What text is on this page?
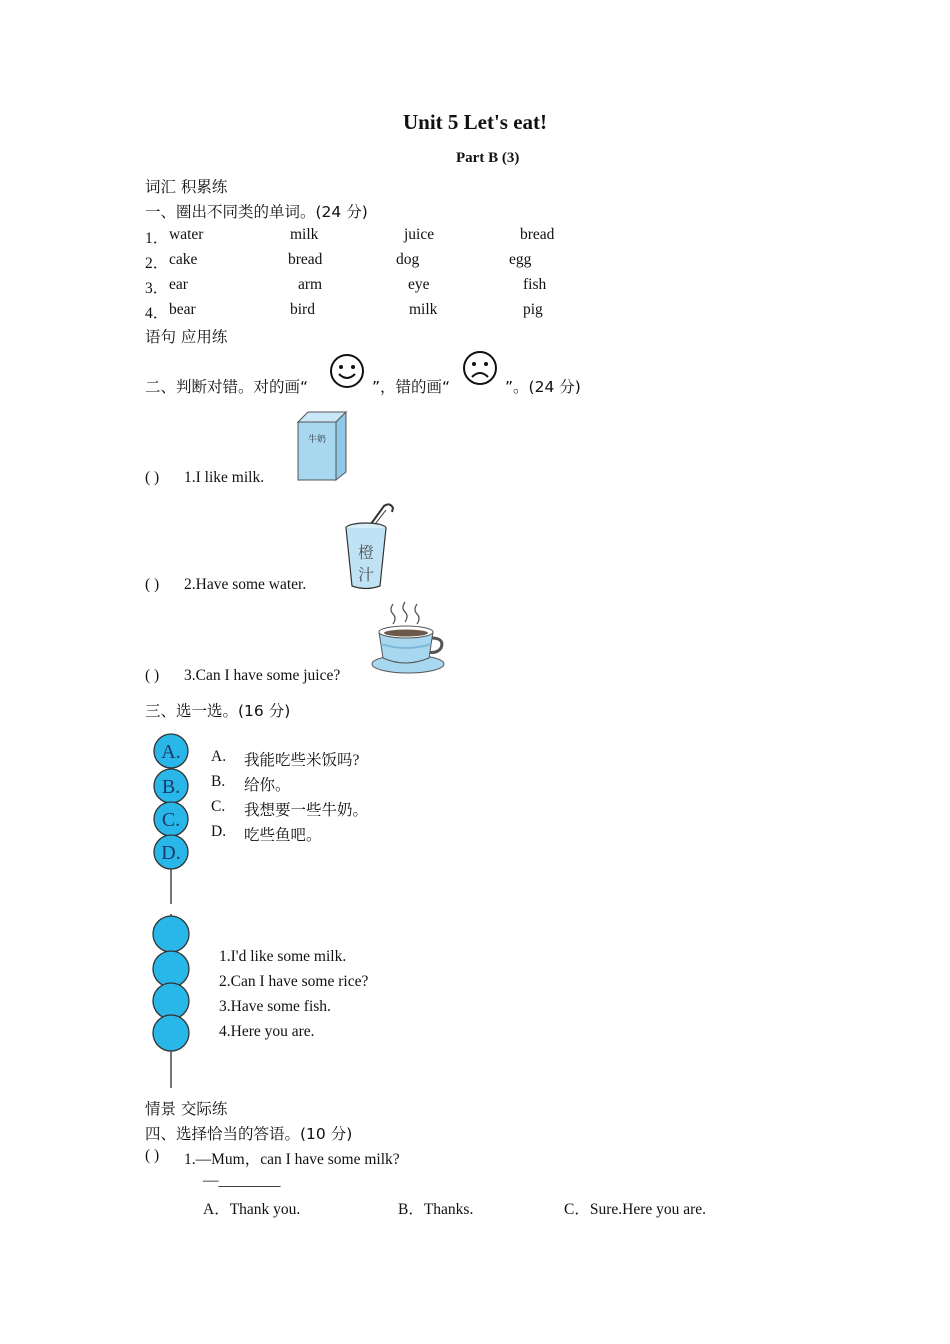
Unit 5 Let's eat!
Part B (3)
词汇 积累练
一、圈出不同类的单词。(24 分)
1． water	milk	juice	bread
2． cake	bread	dog	egg
3． ear	arm	eye	fish
4． bear	bird	milk	pig
语句 应用练
二、判断对错。对的画“	”，错的画“	”。(24 分)
( ) 1.I like milk.
牛奶
( ) 2.Have some water.
橙
汁
( ) 3.Can I have some juice?
三、选一选。(16 分)
A.
B.
C.
D.
A. 我能吃些米饭吗?
B. 给你。
C. 我想要一些牛奶。
D. 吃些鱼吧。
1.I'd like some milk.
2.Can I have some rice?
3.Have some fish.
4.Here you are.
情景 交际练
四、选择恰当的答语。(10 分)
( ) 1.—Mum，can I have some milk?
—________
A．Thank you.	B．Thanks.	C．Sure.Here you are.
